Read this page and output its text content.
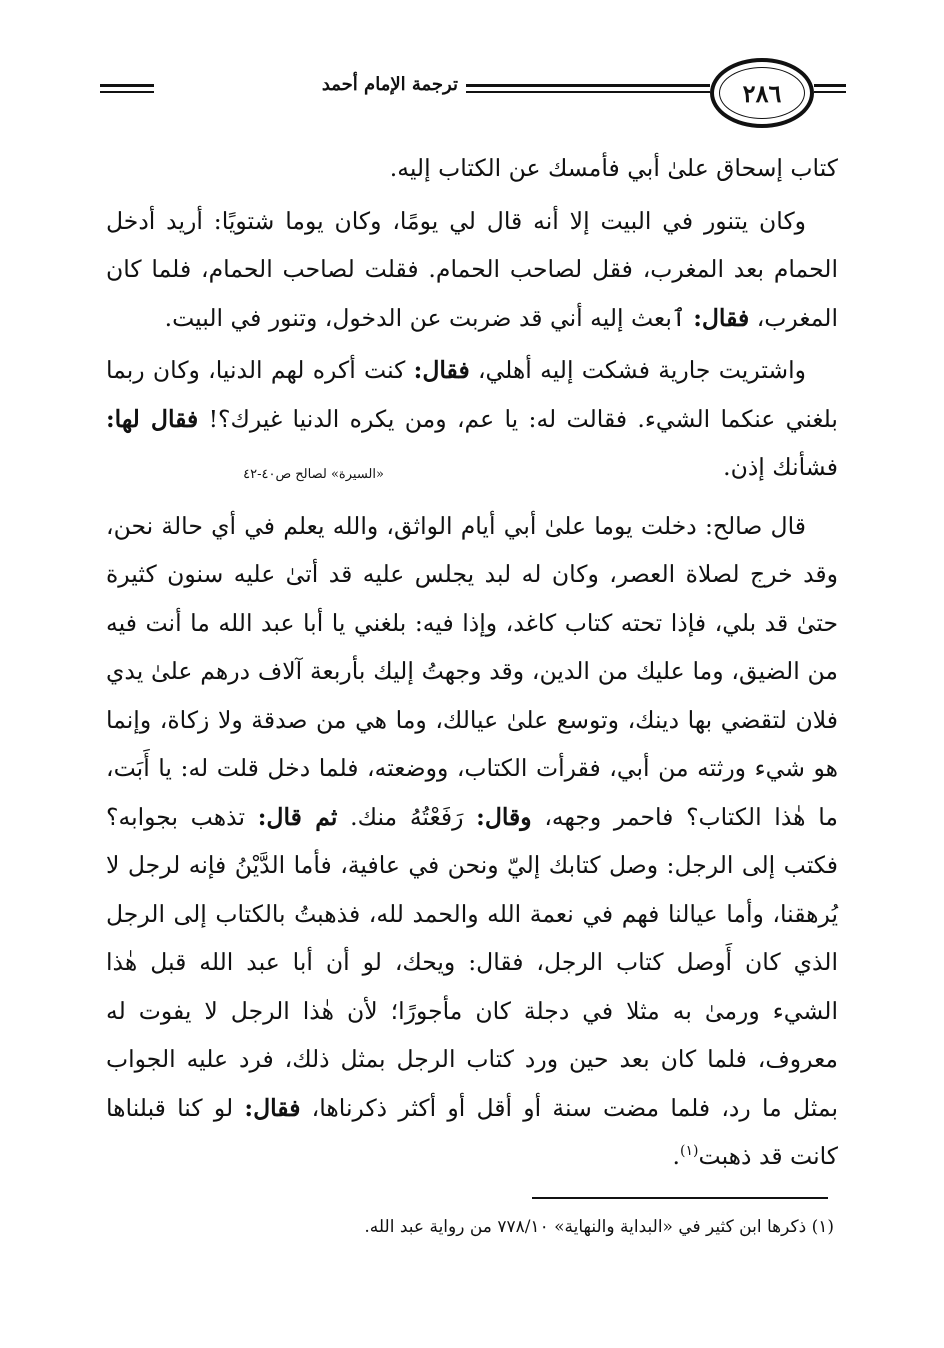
ترجمة الإمام أحمد	٢٨٦

كتاب إسحاق علىٰ أبي فأمسك عن الكتاب إليه.

وكان يتنور في البيت إلا أنه قال لي يومًا، وكان يوما شتويًا: أريد أدخل الحمام بعد المغرب، فقل لصاحب الحمام. فقلت لصاحب الحمام، فلما كان المغرب، فقال: ٱبعث إليه أني قد ضربت عن الدخول، وتنور في البيت.

واشتريت جارية فشكت إليه أهلي، فقال: كنت أكره لهم الدنيا، وكان ربما بلغني عنكما الشيء. فقالت له: يا عم، ومن يكره الدنيا غيرك؟! فقال لها: فشأنك إذن.
«السيرة» لصالح ص٤٠-٤٢

قال صالح: دخلت يوما علىٰ أبي أيام الواثق، والله يعلم في أي حالة نحن، وقد خرج لصلاة العصر، وكان له لبد يجلس عليه قد أتىٰ عليه سنون كثيرة حتىٰ قد بلي، فإذا تحته كتاب كاغد، وإذا فيه: بلغني يا أبا عبد الله ما أنت فيه من الضيق، وما عليك من الدين، وقد وجهتُ إليك بأربعة آلاف درهم علىٰ يدي فلان لتقضي بها دينك، وتوسع علىٰ عيالك، وما هي من صدقة ولا زكاة، وإنما هو شيء ورثته من أبي، فقرأت الكتاب، ووضعته، فلما دخل قلت له: يا أَبَت، ما هٰذا الكتاب؟ فاحمر وجهه، وقال: رَفَعْتُهُ منك. ثم قال: تذهب بجوابه؟ فكتب إلى الرجل: وصل كتابك إليّ ونحن في عافية، فأما الدَّيْنُ فإنه لرجل لا يُرهقنا، وأما عيالنا فهم في نعمة الله والحمد لله، فذهبتُ بالكتاب إلى الرجل الذي كان أَوصل كتاب الرجل، فقال: ويحك، لو أن أبا عبد الله قبل هٰذا الشيء ورمىٰ به مثلا في دجلة كان مأجورًا؛ لأن هٰذا الرجل لا يفوت له معروف، فلما كان بعد حين ورد كتاب الرجل بمثل ذلك، فرد عليه الجواب بمثل ما رد، فلما مضت سنة أو أقل أو أكثر ذكرناها، فقال: لو كنا قبلناها كانت قد ذهبت$^{(١)}$.

(١) ذكرها ابن كثير في «البداية والنهاية» ٧٧٨/١٠ من رواية عبد الله.
